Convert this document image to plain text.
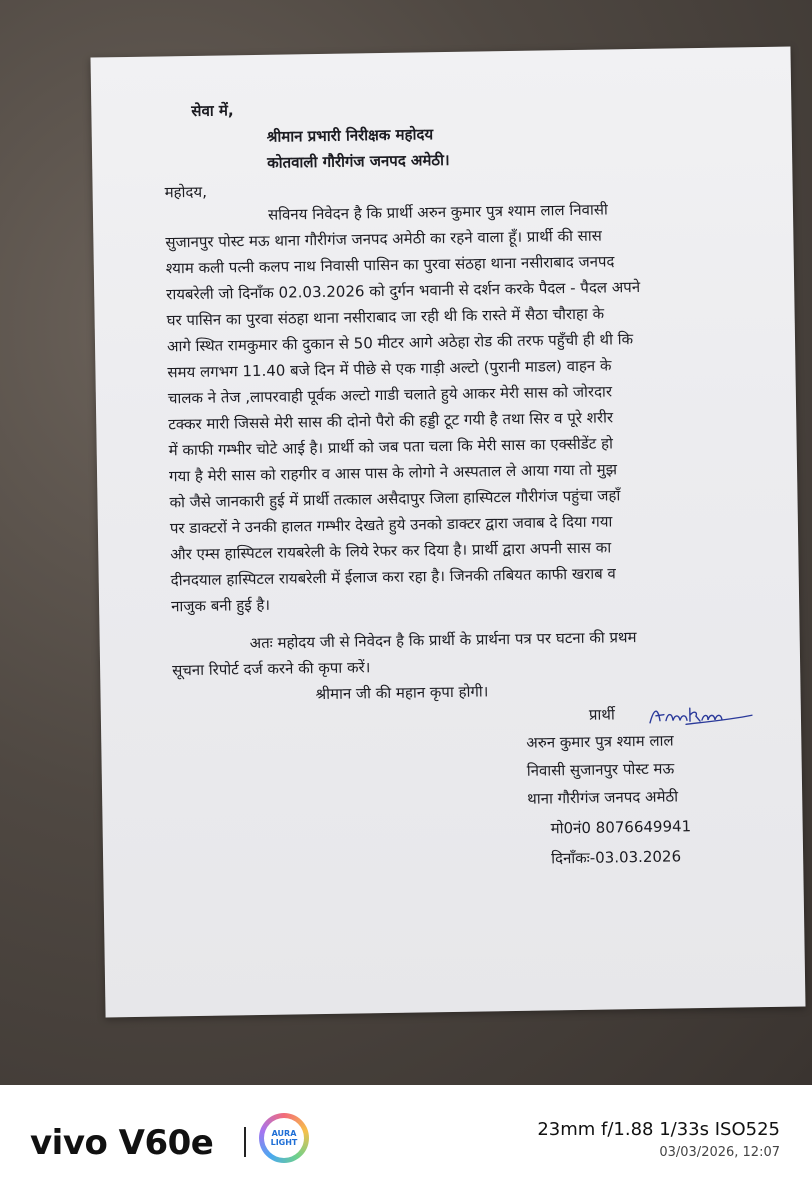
सेवा में,
श्रीमान प्रभारी निरीक्षक महोदय
कोतवाली गौरीगंज जनपद अमेठी।
महोदय,
सविनय निवेदन है कि प्रार्थी अरुन कुमार पुत्र श्याम लाल निवासी
सुजानपुर पोस्ट मऊ थाना गौरीगंज जनपद अमेठी का रहने वाला हूँ। प्रार्थी की सास
श्याम कली पत्नी कलप नाथ निवासी पासिन का पुरवा संठहा थाना नसीराबाद जनपद
रायबरेली जो दिनाँक 02.03.2026 को दुर्गन भवानी से दर्शन करके पैदल - पैदल अपने
घर पासिन का पुरवा संठहा थाना नसीराबाद जा रही थी कि रास्ते में सैठा चौराहा के
आगे स्थित रामकुमार की दुकान से 50 मीटर आगे अठेहा रोड की तरफ पहुँची ही थी कि
समय लगभग 11.40 बजे दिन में पीछे से एक गाड़ी अल्टो (पुरानी माडल) वाहन के
चालक ने तेज ,लापरवाही पूर्वक अल्टो गाडी चलाते हुये आकर मेरी सास को जोरदार
टक्कर मारी जिससे मेरी सास की दोनो पैरो की हड्डी टूट गयी है तथा सिर व पूरे शरीर
में काफी गम्भीर चोटे आई है। प्रार्थी को जब पता चला कि मेरी सास का एक्सीडेंट हो
गया है मेरी सास को राहगीर व आस पास के लोगो ने अस्पताल ले आया गया तो मुझ
को जैसे जानकारी हुई में प्रार्थी तत्काल असैदापुर जिला हास्पिटल गौरीगंज पहुंचा जहाँ
पर डाक्टरों ने उनकी हालत गम्भीर देखते हुये उनको डाक्टर द्वारा जवाब दे दिया गया
और एम्स हास्पिटल रायबरेली के लिये रेफर कर दिया है। प्रार्थी द्वारा अपनी सास का
दीनदयाल हास्पिटल रायबरेली में ईलाज करा रहा है। जिनकी तबियत काफी खराब व
नाजुक बनी हुई है।
अतः महोदय जी से निवेदन है कि प्रार्थी के प्रार्थना पत्र पर घटना की प्रथम
सूचना रिपोर्ट दर्ज करने की कृपा करें।
श्रीमान जी की महान कृपा होगी।
प्रार्थी
अरुन कुमार पुत्र श्याम लाल
निवासी सुजानपुर पोस्ट मऊ
थाना गौरीगंज जनपद अमेठी
मो0नं0 8076649941
दिनाँकः-03.03.2026
vivo V60e	AURA
LIGHT
23mm f/1.88 1/33s ISO525
03/03/2026, 12:07
